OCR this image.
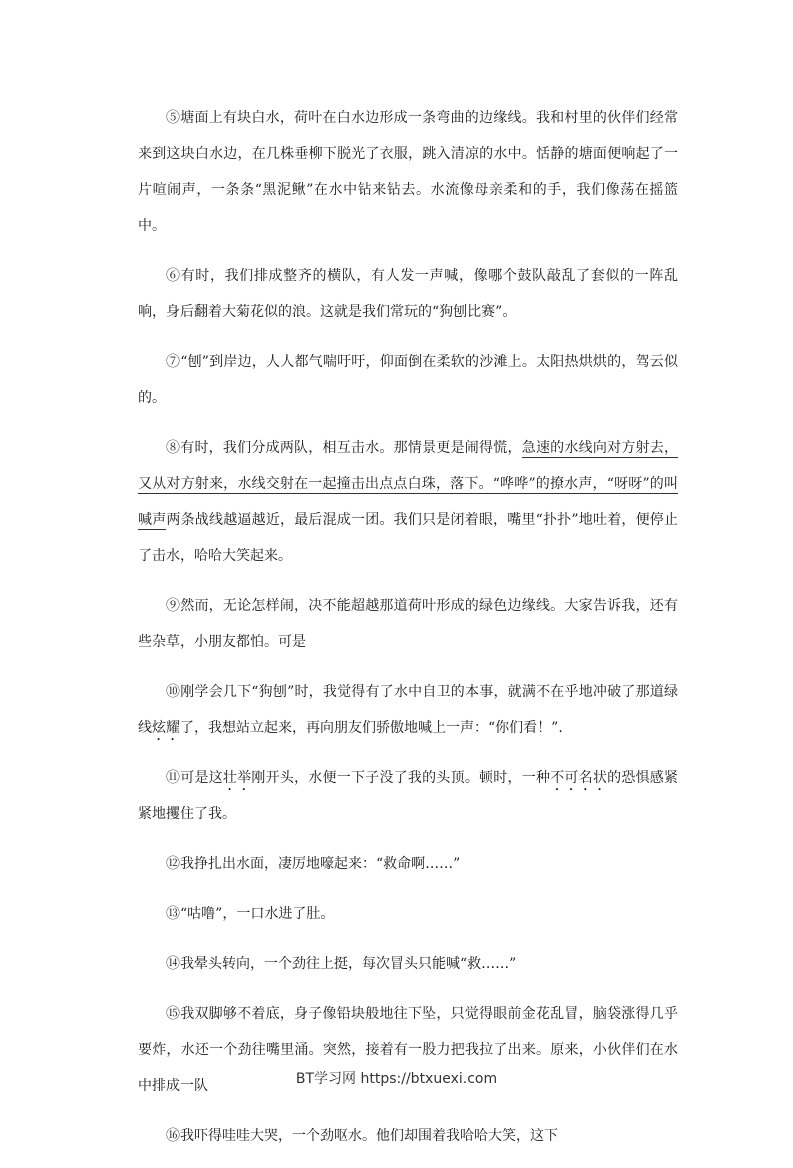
⑤塘面上有块白水，荷叶在白水边形成一条弯曲的边缘线。我和村里的伙伴们经常来到这块白水边，在几株垂柳下脱光了衣服，跳入清凉的水中。恬静的塘面便响起了一片喧闹声，一条条“黑泥鳅”在水中钻来钻去。水流像母亲柔和的手，我们像荡在摇篮中。

⑥有时，我们排成整齐的横队，有人发一声喊，像哪个鼓队敲乱了套似的一阵乱响，身后翻着大菊花似的浪。这就是我们常玩的“狗刨比赛”。

⑦“刨”到岸边，人人都气喘吁吁，仰面倒在柔软的沙滩上。太阳热烘烘的，驾云似的。

⑧有时，我们分成两队，相互击水。那情景更是闹得慌，急速的水线向对方射去，又从对方射来，水线交射在一起撞击出点点白珠，落下。“哗哗”的撩水声，“呀呀”的叫喊声两条战线越逼越近，最后混成一团。我们只是闭着眼，嘴里“扑扑”地吐着，便停止了击水，哈哈大笑起来。

⑨然而，无论怎样闹，决不能超越那道荷叶形成的绿色边缘线。大家告诉我，还有些杂草，小朋友都怕。可是

⑩刚学会几下“狗刨”时，我觉得有了水中自卫的本事，就满不在乎地冲破了那道绿线炫耀了，我想站立起来，再向朋友们骄傲地喊上一声：“你们看！”.

⑪可是这壮举刚开头，水便一下子没了我的头顶。顿时，一种不可名状的恐惧感紧紧地攫住了我。

⑫我挣扎出水面，凄厉地嚎起来：“救命啊……”

⑬“咕噜”，一口水进了肚。

⑭我晕头转向，一个劲往上挺，每次冒头只能喊“救……”

⑮我双脚够不着底，身子像铅块般地往下坠，只觉得眼前金花乱冒，脑袋涨得几乎要炸，水还一个劲往嘴里涌。突然，接着有一股力把我拉了出来。原来，小伙伴们在水中排成一队

⑯我吓得哇哇大哭，一个劲呕水。他们却围着我哈哈大笑，这下

BT学习网 https://btxuexi.com
